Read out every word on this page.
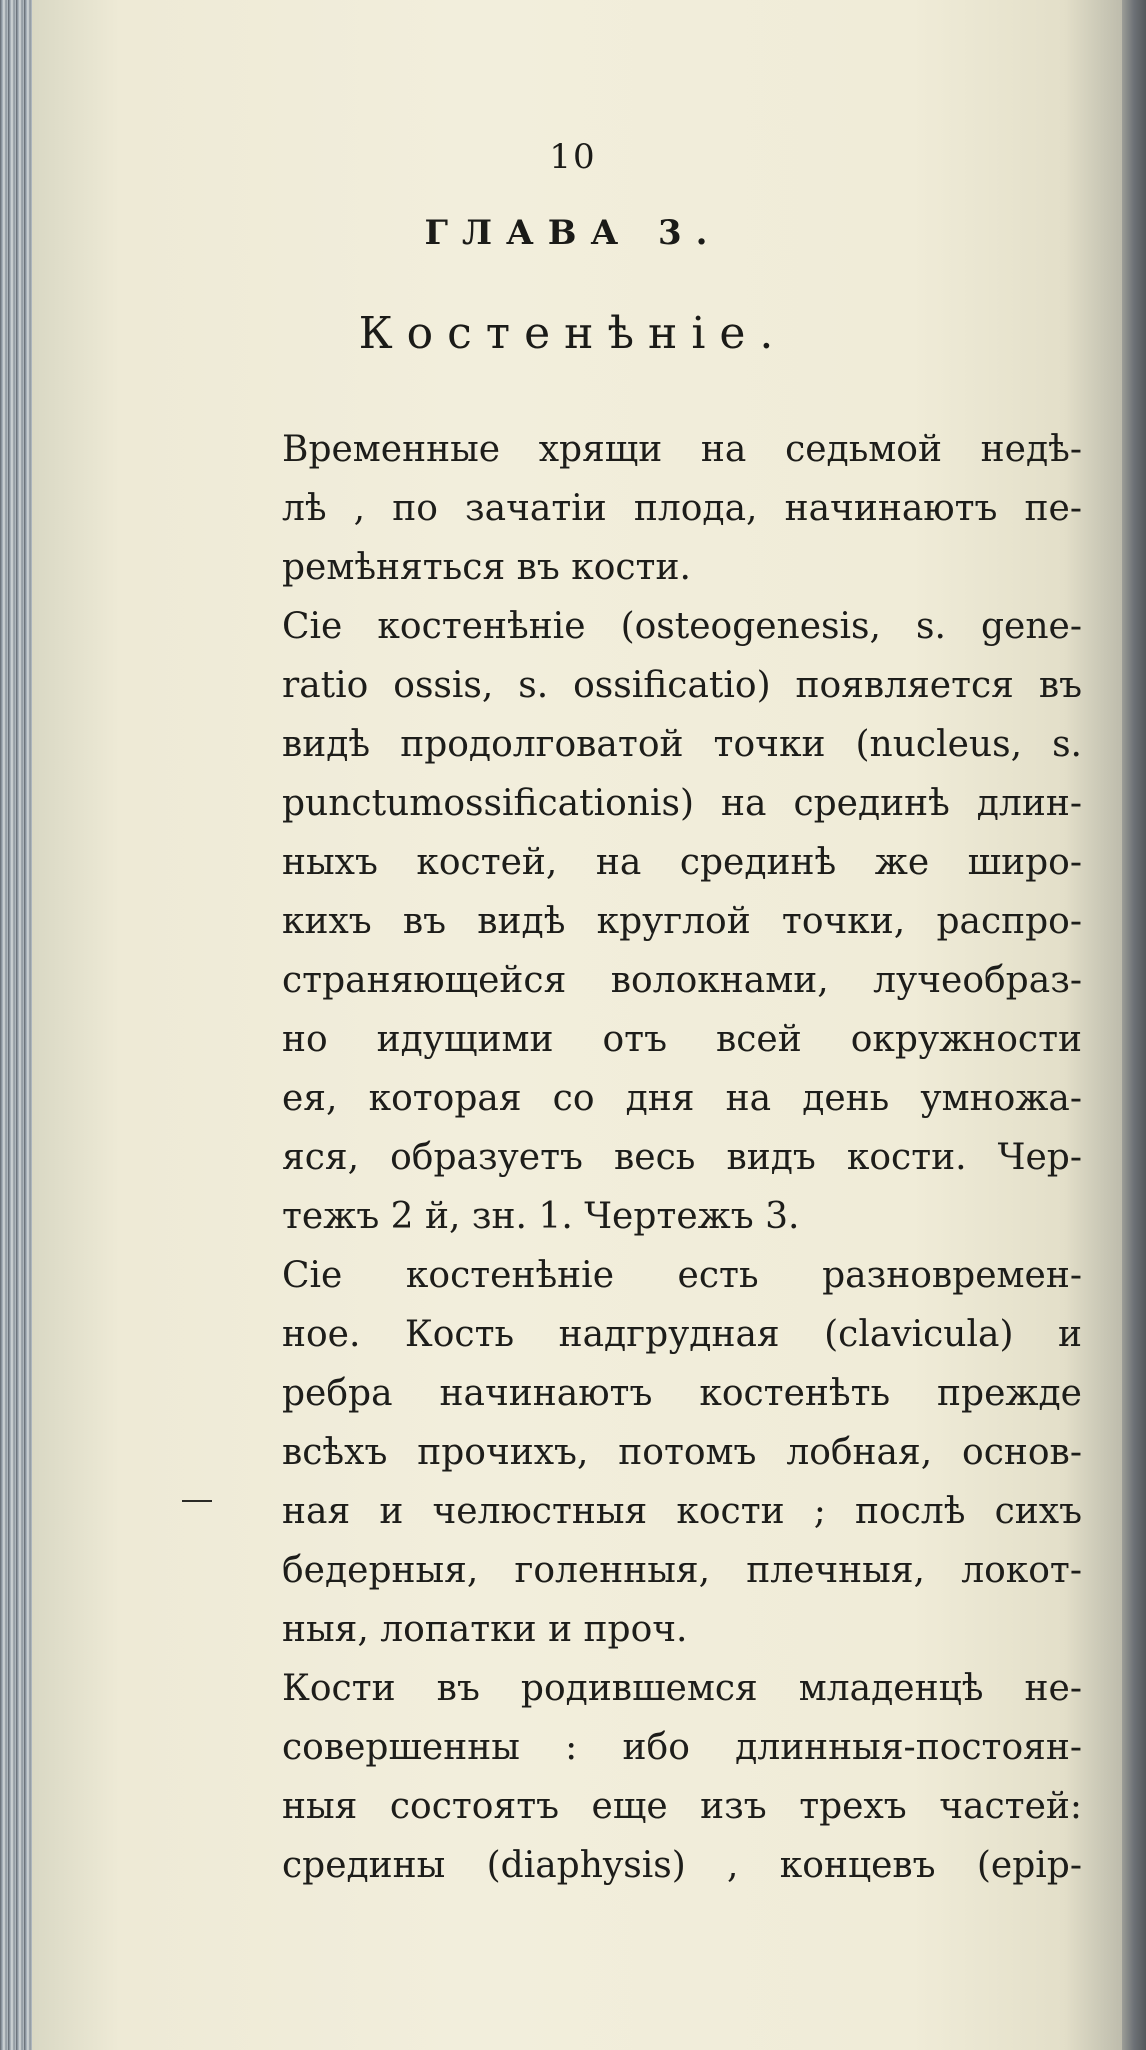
10
ГЛАВА 3.
Костенѣніе.
Временные хрящи на седьмой недѣ-
лѣ , по зачатіи плода, начинаютъ пе-
ремѣняться въ кости.
Сіе костенѣніе (osteogenesis, s. gene-
ratio ossis, s. ossificatio) появляется въ
видѣ продолговатой точки (nucleus, s.
punctumossificationis) на срединѣ длин-
ныхъ костей, на срединѣ же широ-
кихъ въ видѣ круглой точки, распро-
страняющейся волокнами, лучеобраз-
но идущими отъ всей окружности
ея, которая со дня на день умножа-
яся, образуетъ весь видъ кости. Чер-
тежъ 2 й, зн. 1. Чертежъ 3.
Сіе костенѣніе есть разновремен-
ное. Кость надгрудная (clavicula) и
ребра начинаютъ костенѣть прежде
всѣхъ прочихъ, потомъ лобная, основ-
ная и челюстныя кости ; послѣ сихъ
бедерныя, голенныя, плечныя, локот-
ныя, лопатки и проч.
Кости въ родившемся младенцѣ не-
совершенны : ибо длинныя-постоян-
ныя состоятъ еще изъ трехъ частей:
средины (diaphysis) , концевъ (epip-
